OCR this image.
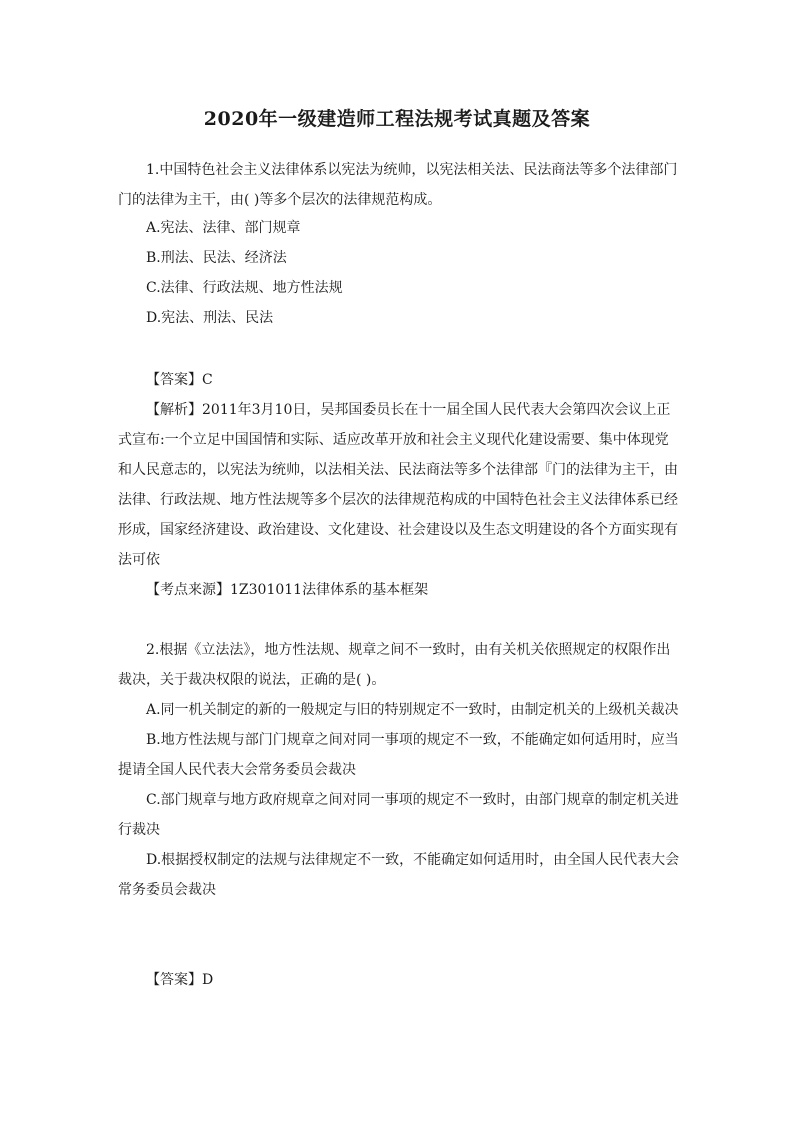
2020年一级建造师工程法规考试真题及答案

1.中国特色社会主义法律体系以宪法为统帅，以宪法相关法、民法商法等多个法律部门门的法律为主干，由( )等多个层次的法律规范构成。

A.宪法、法律、部门规章

B.刑法、民法、经济法

C.法律、行政法规、地方性法规

D.宪法、刑法、民法

【答案】C

【解析】2011年3月10日，吴邦国委员长在十一届全国人民代表大会第四次会议上正式宣布:一个立足中国国情和实际、适应改革开放和社会主义现代化建设需要、集中体现党和人民意志的，以宪法为统帅，以法相关法、民法商法等多个法律部『门的法律为主干，由法律、行政法规、地方性法规等多个层次的法律规范构成的中国特色社会主义法律体系已经形成，国家经济建设、政治建设、文化建设、社会建设以及生态文明建设的各个方面实现有法可依

【考点来源】1Z301011法律体系的基本框架

2.根据《立法法》，地方性法规、规章之间不一致时，由有关机关依照规定的权限作出裁决，关于裁决权限的说法，正确的是( )。

A.同一机关制定的新的一般规定与旧的特别规定不一致时，由制定机关的上级机关裁决

B.地方性法规与部门门规章之间对同一事项的规定不一致，不能确定如何适用时，应当提请全国人民代表大会常务委员会裁决

C.部门规章与地方政府规章之间对同一事项的规定不一致时，由部门规章的制定机关进行裁决

D.根据授权制定的法规与法律规定不一致，不能确定如何适用时，由全国人民代表大会常务委员会裁决

【答案】D
